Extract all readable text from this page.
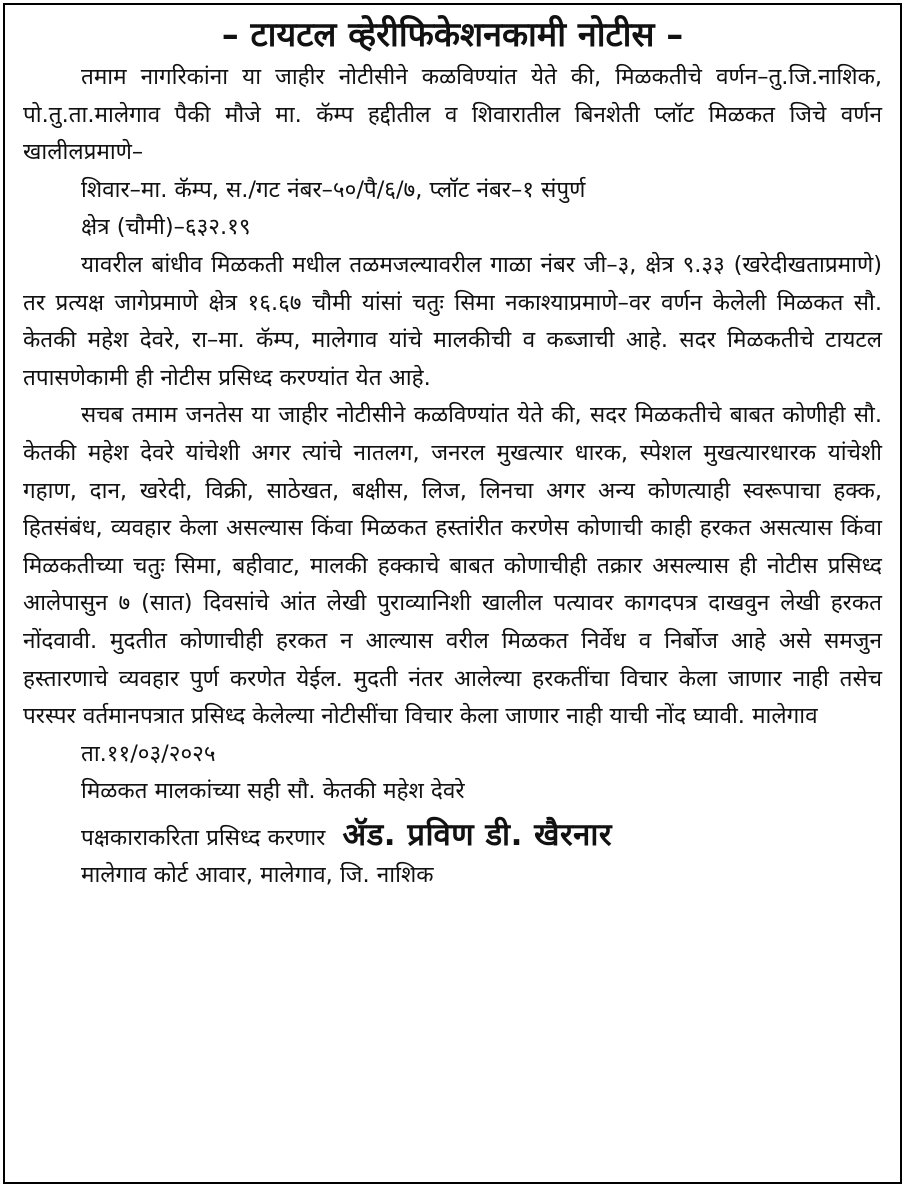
– टायटल व्हेरीफिकेशनकामी नोटीस –

तमाम नागरिकांना या जाहीर नोटीसीने कळविण्यांत येते की, मिळकतीचे वर्णन–तु.जि.नाशिक, पो.तु.ता.मालेगाव पैकी मौजे मा. कॅम्प हद्दीतील व शिवारातील बिनशेती प्लॉट मिळकत जिचे वर्णन खालीलप्रमाणे–

शिवार–मा. कॅम्प, स./गट नंबर–५०/पै/६/७, प्लॉट नंबर–१ संपुर्ण

क्षेत्र (चौमी)–६३२.१९

यावरील बांधीव मिळकती मधील तळमजल्यावरील गाळा नंबर जी–३, क्षेत्र ९.३३ (खरेदीखताप्रमाणे) तर प्रत्यक्ष जागेप्रमाणे क्षेत्र १६.६७ चौमी यांसां चतुः सिमा नकाश्याप्रमाणे–वर वर्णन केलेली मिळकत सौ. केतकी महेश देवरे, रा–मा. कॅम्प, मालेगाव यांचे मालकीची व कब्जाची आहे. सदर मिळकतीचे टायटल तपासणेकामी ही नोटीस प्रसिध्द करण्यांत येत आहे.

सचब तमाम जनतेस या जाहीर नोटीसीने कळविण्यांत येते की, सदर मिळकतीचे बाबत कोणीही सौ. केतकी महेश देवरे यांचेशी अगर त्यांचे नातलग, जनरल मुखत्यार धारक, स्पेशल मुखत्यारधारक यांचेशी गहाण, दान, खरेदी, विक्री, साठेखत, बक्षीस, लिज, लिनचा अगर अन्य कोणत्याही स्वरूपाचा हक्क, हितसंबंध, व्यवहार केला असल्यास किंवा मिळकत हस्तांरीत करणेस कोणाची काही हरकत असत्यास किंवा मिळकतीच्या चतुः सिमा, बहीवाट, मालकी हक्काचे बाबत कोणाचीही तक्रार असल्यास ही नोटीस प्रसिध्द आलेपासुन ७ (सात) दिवसांचे आंत लेखी पुराव्यानिशी खालील पत्यावर कागदपत्र दाखवुन लेखी हरकत नोंदवावी. मुदतीत कोणाचीही हरकत न आल्यास वरील मिळकत निर्वेध व निर्बोज आहे असे समजुन हस्तारणाचे व्यवहार पुर्ण करणेत येईल. मुदती नंतर आलेल्या हरकतींचा विचार केला जाणार नाही तसेच परस्पर वर्तमानपत्रात प्रसिध्द केलेल्या नोटीसींचा विचार केला जाणार नाही याची नोंद घ्यावी. मालेगाव

ता.११/०३/२०२५

मिळकत मालकांच्या सही सौ. केतकी महेश देवरे

पक्षकाराकरिता प्रसिध्द करणार ॲड. प्रविण डी. खैरनार

मालेगाव कोर्ट आवार, मालेगाव, जि. नाशिक
